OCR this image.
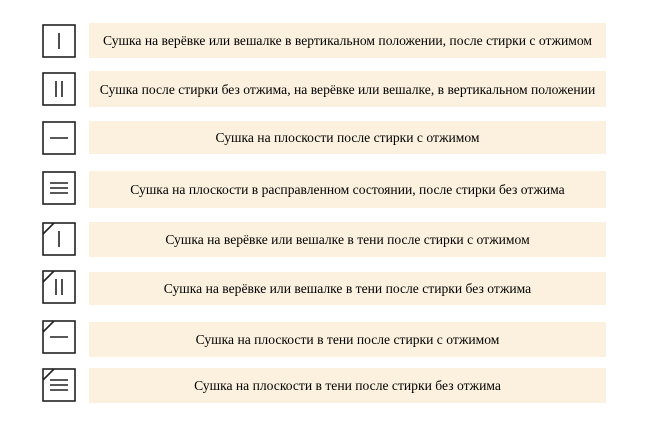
Сушка на верёвке или вешалке в вертикальном положении, после стирки с отжимом
Сушка после стирки без отжима, на верёвке или вешалке, в вертикальном положении
Сушка на плоскости после стирки с отжимом
Сушка на плоскости в расправленном состоянии, после стирки без отжима
Сушка на верёвке или вешалке в тени после стирки с отжимом
Сушка на верёвке или вешалке в тени после стирки без отжима
Сушка на плоскости в тени после стирки с отжимом
Сушка на плоскости в тени после стирки без отжима
